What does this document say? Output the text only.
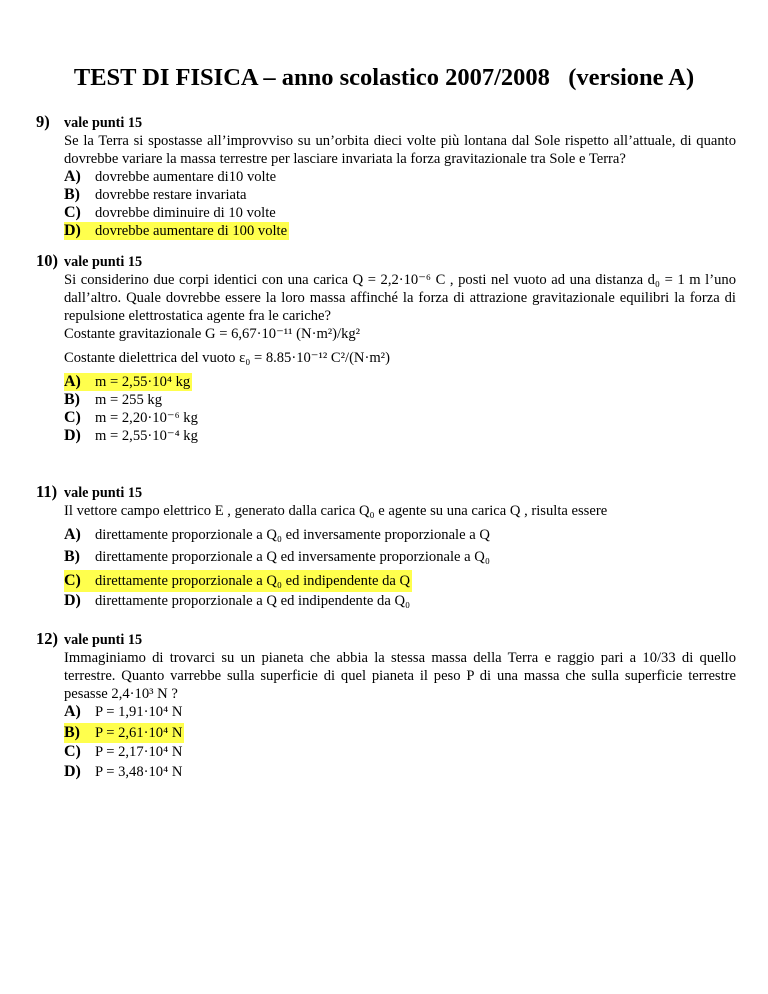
TEST DI FISICA – anno scolastico 2007/2008   (versione A)
9) vale punti 15

Se la Terra si spostasse all’improvviso su un’orbita dieci volte più lontana dal Sole rispetto all’attuale, di quanto dovrebbe variare la massa terrestre per lasciare invariata la forza gravitazionale tra Sole e Terra?

A) dovrebbe aumentare di10 volte
B) dovrebbe restare invariata
C) dovrebbe diminuire di 10 volte
D) dovrebbe aumentare di 100 volte
10) vale punti 15

Si considerino due corpi identici con una carica Q = 2,2·10⁻⁶ C , posti nel vuoto ad una distanza d₀ = 1 m l’uno dall’altro. Quale dovrebbe essere la loro massa affinché la forza di attrazione gravitazionale equilibri la forza di repulsione elettrostatica agente fra le cariche?

Costante gravitazionale G = 6,67·10⁻¹¹ (N·m²)/kg²

Costante dielettrica del vuoto ε₀ = 8.85·10⁻¹² C²/(N·m²)

A) m = 2,55·10⁴ kg

B) m = 255 kg
C) m = 2,20·10⁻⁶ kg
D) m = 2,55·10⁻⁴ kg
11) vale punti 15

Il vettore campo elettrico E , generato dalla carica Q₀ e agente su una carica Q , risulta essere

A) direttamente proporzionale a Q₀ ed inversamente proporzionale a Q
B) direttamente proporzionale a Q ed inversamente proporzionale a Q₀
C) direttamente proporzionale a Q₀ ed indipendente da Q

D) direttamente proporzionale a Q ed indipendente da Q₀
12) vale punti 15

Immaginiamo di trovarci su un pianeta che abbia la stessa massa della Terra e raggio pari a 10/33 di quello terrestre. Quanto varrebbe sulla superficie di quel pianeta il peso P di una massa che sulla superficie terrestre pesasse 2,4·10³ N ?

A) P = 1,91·10⁴ N
B) P = 2,61·10⁴ N

C) P = 2,17·10⁴ N
D) P = 3,48·10⁴ N
